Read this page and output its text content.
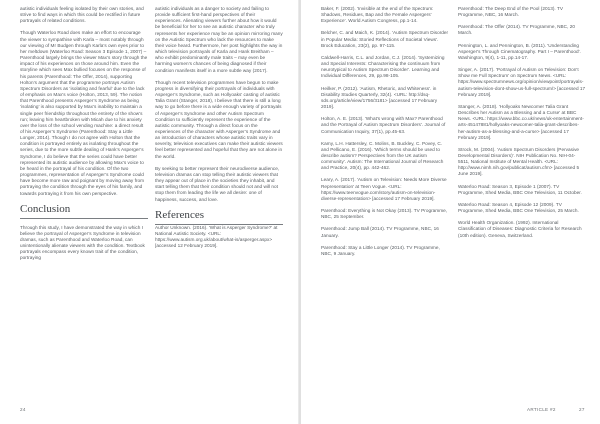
autistic individuals feeling isolated by their own stories, and strive to find ways in which this could be rectified in future portrayals of related conditions.

Though Waterloo Road does make an effort to encourage the viewer to sympathise with Karla – most notably through our viewing of Mr Budgen through Karla’s own eyes prior to her meltdown (Waterloo Road: Season 3 Episode 1, 2007) – Parenthood largely brings the viewer Max’s story through the impact of his experiences on those around him. Even the storyline which sees Max bullied focuses on the response of his parents (Parenthood: The Offer, 2014), supporting Holton’s argument that the programme portrays Autism Spectrum Disorders as ‘isolating and fearful’ due to the lack of emphasis on Max’s voice (Holton, 2013, 59). The notion that Parenthood presents Asperger’s Syndrome as being ‘isolating’ is also supported by Max’s inability to maintain a single peer friendship throughout the entirety of the show’s run; leaving him heartbroken with Micah due to his anxiety over the loss of the school vending machine: a direct result of his Asperger’s Syndrome (Parenthood: Stay a Little Longer, 2014). Though I do not agree with Holton that the condition is portrayed entirely as isolating throughout the series, due to the more subtle dealing of Hank’s Asperger’s Syndrome, I do believe that the series could have better represented its autistic audience by allowing Max’s voice to be heard in the portrayal of his condition. Of the two programmes, representation of Asperger’s Syndrome could have become more raw and poignant by moving away from portraying the condition through the eyes of his family, and towards portraying it from his own perspective.

Conclusion

Through this study, I have demonstrated the way in which I believe the portrayal of Asperger’s Syndrome in television dramas, such as Parenthood and Waterloo Road, can unintentionally alienate viewers with the condition. Textbook portrayals encompass every known trait of the condition, portraying

autistic individuals as a danger to society and failing to provide sufficient first-hand perspectives of their experiences. Alienating viewers further about how it would be beneficial for her to see an autistic character who truly represents her experience may be an opinion mirroring many on the Autistic Spectrum who lack the resources to make their voice heard. Furthermore, her post highlights the way in which television portrayals of Karla and Hank Breitham – who exhibit predominantly male traits – may even be harming women’s chances of being diagnosed if their condition manifests itself in a more subtle way (2017).

Though recent television programmes have begun to make progress in diversifying their portrayals of individuals with Asperger’s Syndrome, such as Hollyoaks’ casting of autistic Talia Grant (Stanger, 2018), I believe that there is still a long way to go before there is a wide enough variety of portrayals of Asperger’s Syndrome and other Autism Spectrum Condition to sufficiently represent the experience of the autistic community. Through a direct focus on the experiences of the character with Asperger’s Syndrome and an introduction of characters whose autistic traits vary in severity, television executives can make their autistic viewers feel better represented and hopeful that they are not alone in the world.

By seeking to better represent their neurodiverse audience, television dramas can stop telling their autistic viewers that they appear out of place in the societies they inhabit, and start telling them that their condition should not and will not stop them from leading the life we all desire: one of happiness, success, and love.

References

Author Unknown. (2016). 'What is Asperger Syndrome?' at National Autistic Society. <URL: https://www.autism.org.uk/about/what-is/asperger.aspx> [accessed 12 February 2019].

24

Baker, F. (2002). 'Invisible at the end of the Spectrum: Shadows, Residues, Bap and the Female Aspergers' Experience'. World Autism Congress, pp.1-14.

Belcher, C. and Maich, K. (2014). 'Autism Spectrum Disorder in Popular Media: Storied Reflections of Societal Views'. Brock Education, 23(2), pp. 97-115.

Caldwell-Harris, C.L. and Jordan, C.J. (2014). 'Systemizing and Special Interests: Characterising the continuum from neurotypical to Autism Spectrum Disorder'. Learning and Individual Differences, 29, pp.98-105.

Heilker, P. (2012). 'Autism, Rhetoric, and Whiteness'. in Disability Studies Quarterly, 32(4). <URL: http://dsq-sds.org/article/view/1756/3181> [accessed 17 February 2019].

Holton, A. E. (2013). 'What's wrong with Max? Parenthood and the Portrayal of Autism Spectrum Disorders'. Journal of Communication Inquiry, 37(1), pp.45-63.

Kamy, L.H. Hattersley, C. Molins, B. Buckley, C. Povey, C. and Pellicano, E. (2016). 'Which terms should be used to describe autism? Perspectives from the UK autism community'. Autism: The International Journal of Research and Practice, 20(4), pp. 442-462.

Leary, A. (2017). 'Autism on Television: Needs More Diverse Representation' at Teen Vogue. <URL: https://www.teenvogue.com/story/autism-on-television-diverse-representation> [accessed 17 February 2019].

Parenthood: Everything is Not Okay (2013). TV Programme, NBC, 25 September.

Parenthood: Jump Ball (2014). TV Programme, NBC, 16 January.

Parenthood: Stay a Little Longer (2014). TV Programme, NBC, 9 January.

Parenthood: The Deep End of the Pool (2013). TV Programme, NBC, 16 March.

Parenthood: The Offer (2014). TV Programme, NBC, 20 March.

Pennington, L. and Pennington, B. (2011). 'Understanding Asperger's Through Cinematography. Part I – Parenthood'. Washington, 9(4), 1-11, pp.14-17.

Singer, A. (2017). 'Portrayal of Autism on Television: Don't Show me Full Spectrum' on Spectrum News. <URL: https://www.spectrumnews.org/opinion/viewpoint/portrayals-autism-television-dont-show-us-full-spectrum/> [accessed 17 February 2019].

Stanger, A. (2018). 'Hollyoaks Newcomer Talia Grant Describes her Autism as a Blessing and a Curse' at BBC News. <URL: https://www.bbc.co.uk/news/uk-entertainment-arts-45147881/hollyoaks-newcomer-talia-grant-describes-her-autism-as-a-blessing-and-a-curse> [accessed 17 February 2019].

Strock, M. (2004). 'Autism Spectrum Disorders (Pervasive Developmental Disorders)'. NIH Publication No. NIH-04-5511, National Institute of Mental Health. <URL: http://www.nimh.nih.gov/publicat/autism.cfm> [accessed 5 June 2019].

Waterloo Road: Season 3, Episode 1 (2007). TV Programme, Shed Media, BBC One Television, 11 October.

Waterloo Road: Season 4, Episode 12 (2009). TV Programme, Shed Media, BBC One Television, 25 March.

World Health Organization. (1992). International Classification of Diseases: Diagnostic Criteria for Research (10th edition). Geneva, Switzerland.

ARTICLE #2	27
